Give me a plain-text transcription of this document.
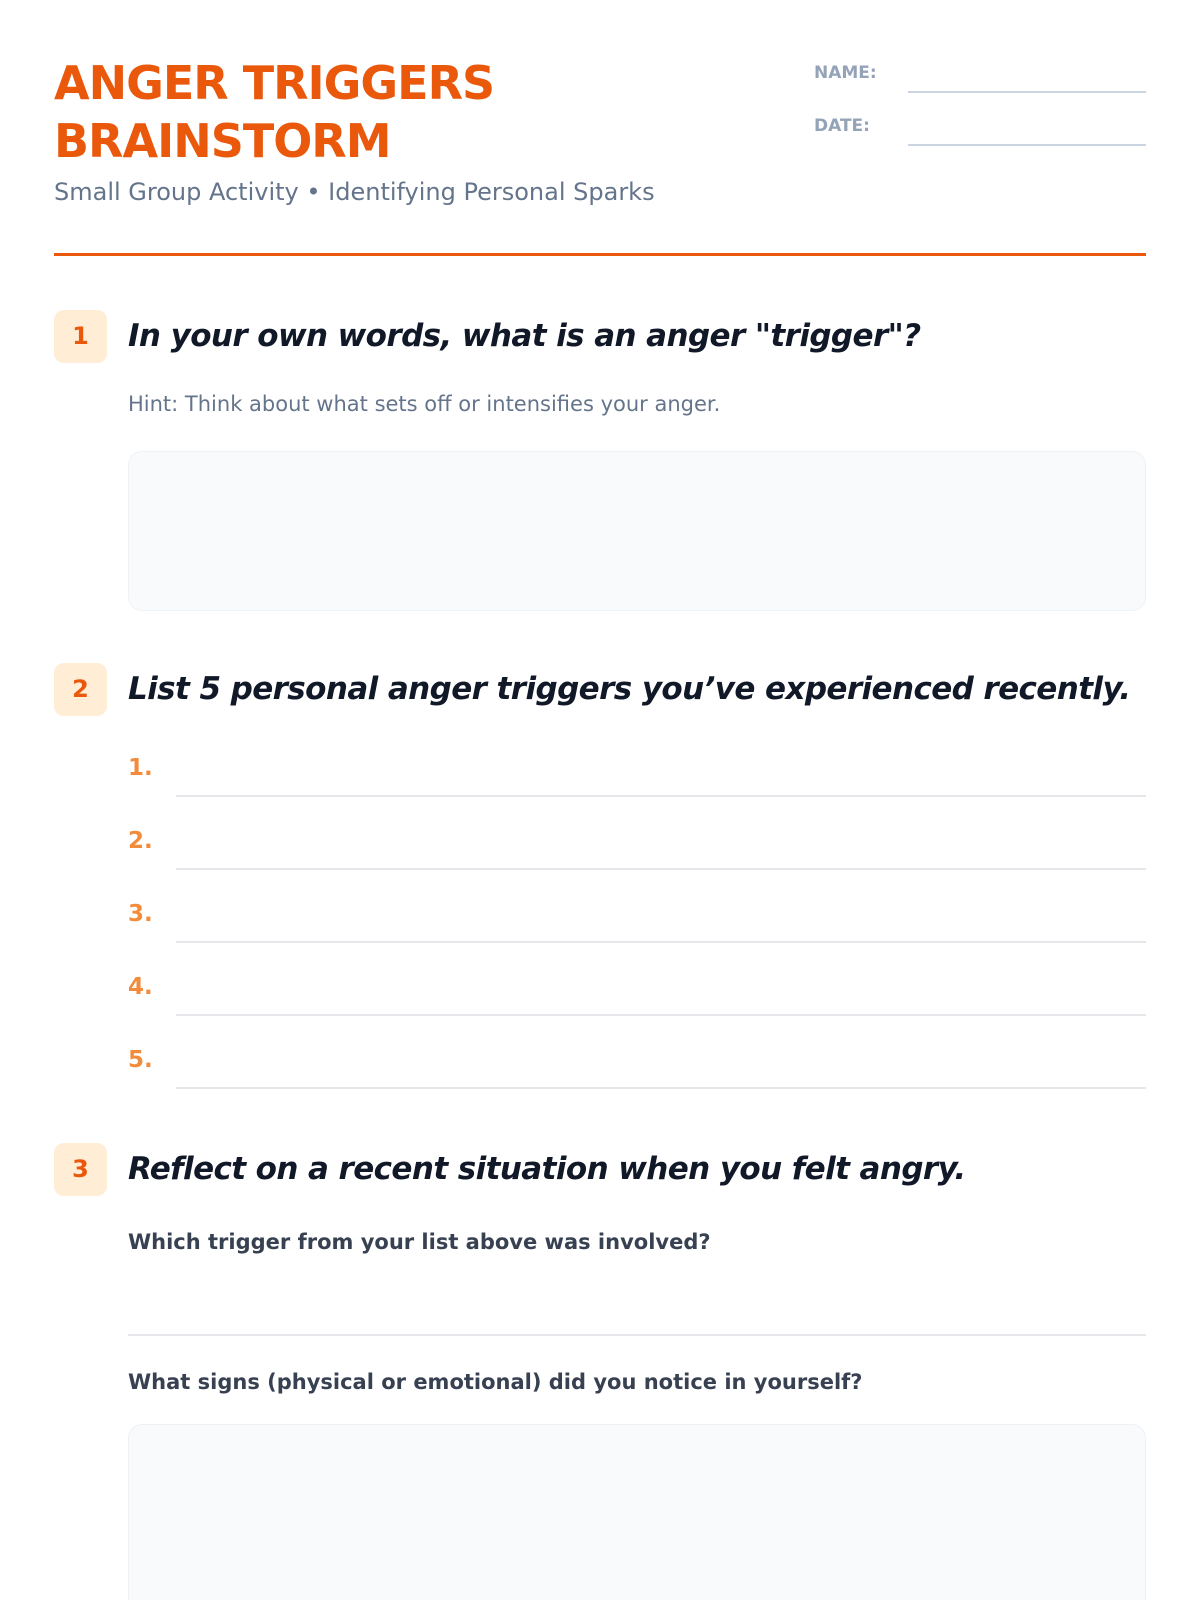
ANGER TRIGGERS
BRAINSTORM
Small Group Activity • Identifying Personal Sparks
NAME:
DATE:
1	In your own words, what is an anger "trigger"?
Hint: Think about what sets off or intensifies your anger.
2	List 5 personal anger triggers you’ve experienced recently.
1.
2.
3.
4.
5.
3	Reflect on a recent situation when you felt angry.
Which trigger from your list above was involved?
What signs (physical or emotional) did you notice in yourself?
